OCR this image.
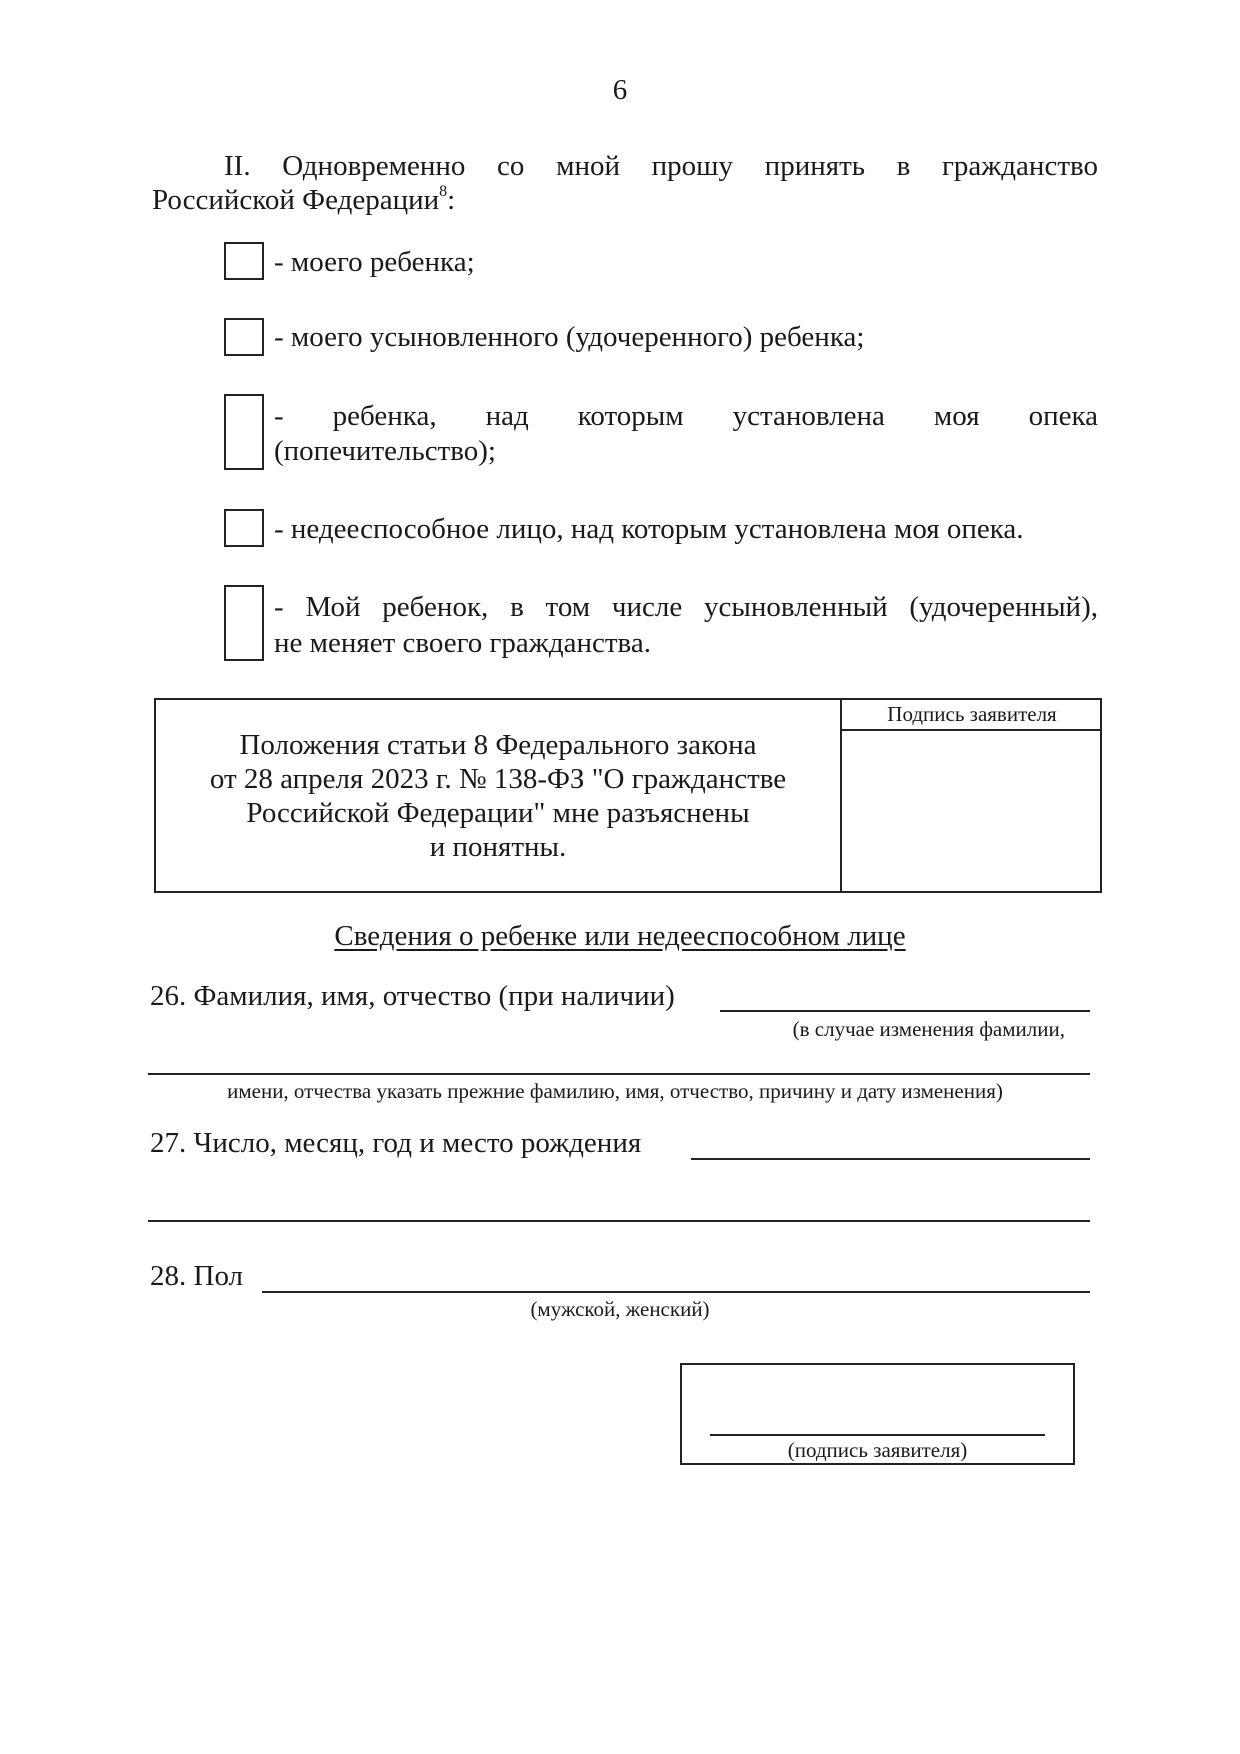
6
II. Одновременно со мной прошу принять в гражданство
Российской Федерации$^8$:
- моего ребенка;
- моего усыновленного (удочеренного) ребенка;
- ребенка, над которым установлена моя опека
(попечительство);
- недееспособное лицо, над которым установлена моя опека.
- Мой ребенок, в том числе усыновленный (удочеренный),
не меняет своего гражданства.
Подпись заявителя
Положения статьи 8 Федерального закона
от 28 апреля 2023 г. № 138-ФЗ "О гражданстве
Российской Федерации" мне разъяснены
и понятны.
Сведения о ребенке или недееспособном лице
26. Фамилия, имя, отчество (при наличии)
(в случае изменения фамилии,
имени, отчества указать прежние фамилию, имя, отчество, причину и дату изменения)
27. Число, месяц, год и место рождения
28. Пол
(мужской, женский)
(подпись заявителя)
